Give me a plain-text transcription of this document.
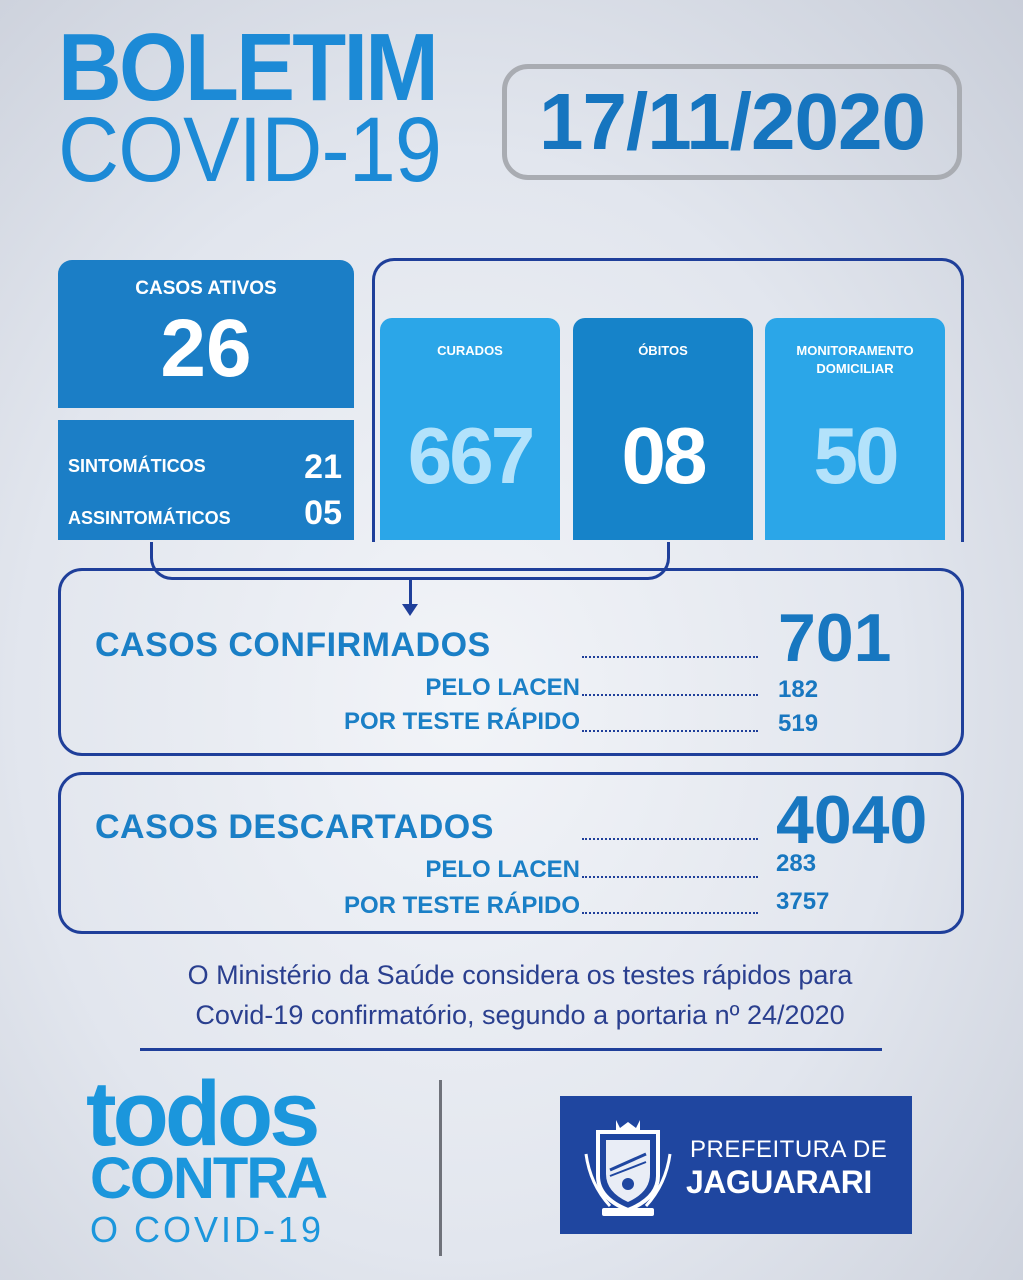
BOLETIM
COVID-19 17/11/2020
CASOS ATIVOS
26
SINTOMÁTICOS	21
ASSINTOMÁTICOS 05
CURADOS
667
ÓBITOS
08
MONITORAMENTO
DOMICILIAR
50
CASOS CONFIRMADOS	701
PELO LACEN	182
POR TESTE RÁPIDO	519
CASOS DESCARTADOS	4040
PELO LACEN	283
POR TESTE RÁPIDO	3757
O Ministério da Saúde considera os testes rápidos para
Covid-19 confirmatório, segundo a portaria nº 24/2020
todos
CONTRA
O COVID-19
PREFEITURA DE
JAGUARARI
